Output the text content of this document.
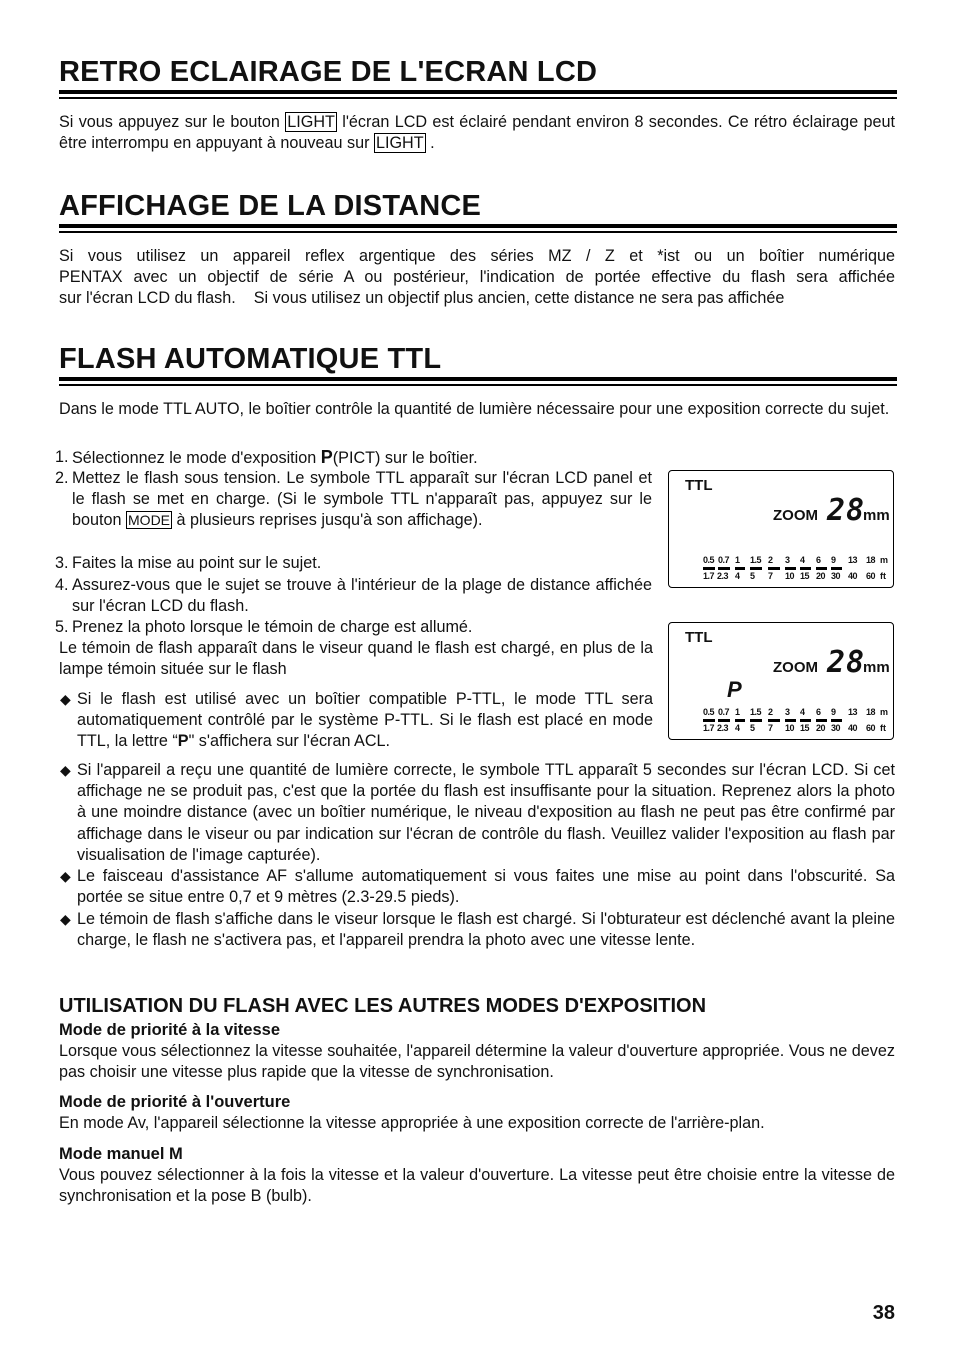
RETRO ECLAIRAGE DE L'ECRAN LCD
Si vous appuyez sur le bouton LIGHT l'écran LCD est éclairé pendant environ 8 secondes. Ce rétro éclairage peut être interrompu en appuyant à nouveau sur LIGHT .
AFFICHAGE DE LA DISTANCE
Si vous utilisez un appareil reflex argentique des séries MZ / Z et *ist ou un boîtier numérique
PENTAX avec un objectif de série A ou postérieur, l'indication de portée effective du flash sera affichée
sur l'écran LCD du flash.    Si vous utilisez un objectif plus ancien, cette distance ne sera pas affichée
FLASH AUTOMATIQUE TTL
Dans le mode TTL AUTO, le boîtier contrôle la quantité de lumière nécessaire pour une exposition correcte du sujet.
1. Sélectionnez le mode d'exposition P(PICT) sur le boîtier.
2. Mettez le flash sous tension. Le symbole TTL apparaît sur l'écran LCD panel et le flash se met en charge. (Si le symbole TTL n'apparaît pas, appuyez sur le bouton MODE à plusieurs reprises jusqu'à son affichage).
3. Faites la mise au point sur le sujet.
4. Assurez-vous que le sujet se trouve à l'intérieur de la plage de distance affichée sur l'écran LCD du flash.
5. Prenez la photo lorsque le témoin de charge est allumé.
Le témoin de flash apparaît dans le viseur quand le flash est chargé, en plus de la lampe témoin située sur le flash
◆ Si le flash est utilisé avec un boîtier compatible P-TTL, le mode TTL sera automatiquement contrôlé par le système P-TTL. Si le flash est placé en mode TTL, la lettre “P" s'affichera sur l'écran ACL.
◆ Si l'appareil a reçu une quantité de lumière correcte, le symbole TTL apparaît 5 secondes sur l'écran LCD. Si cet affichage ne se produit pas, c'est que la portée du flash est insuffisante pour la situation. Reprenez alors la photo à une moindre distance (avec un boîtier numérique, le niveau d'exposition au flash ne peut pas être confirmé par affichage dans le viseur ou par indication sur l'écran de contrôle du flash. Veuillez valider l'exposition au flash par visualisation de l'image capturée).
◆ Le faisceau d'assistance AF s'allume automatiquement si vous faites une mise au point dans l'obscurité. Sa portée se situe entre 0,7 et 9 mètres (2.3-29.5 pieds).
◆ Le témoin de flash s'affiche dans le viseur lorsque le flash est chargé. Si l'obturateur est déclenché avant la pleine charge, le flash ne s'activera pas, et l'appareil prendra la photo avec une vitesse lente.
TTL
ZOOM 28
mm
0.5 0.7 1 1.5 2 3 4 6 9 13 18 m
1.7 2.3 4 5 7 10 15 20 30 40 60 ft
TTL
ZOOM 28
mm
P
0.5 0.7 1 1.5 2 3 4 6 9 13 18 m
1.7 2.3 4 5 7 10 15 20 30 40 60 ft
UTILISATION DU FLASH AVEC LES AUTRES MODES D'EXPOSITION
Mode de priorité à la vitesse
Lorsque vous sélectionnez la vitesse souhaitée, l'appareil détermine la valeur d'ouverture appropriée. Vous ne devez pas choisir une vitesse plus rapide que la vitesse de synchronisation.
Mode de priorité à l'ouverture
En mode Av, l'appareil sélectionne la vitesse appropriée à une exposition correcte de l'arrière-plan.
Mode manuel M
Vous pouvez sélectionner à la fois la vitesse et la valeur d'ouverture. La vitesse peut être choisie entre la vitesse de synchronisation et la pose B (bulb).
38
